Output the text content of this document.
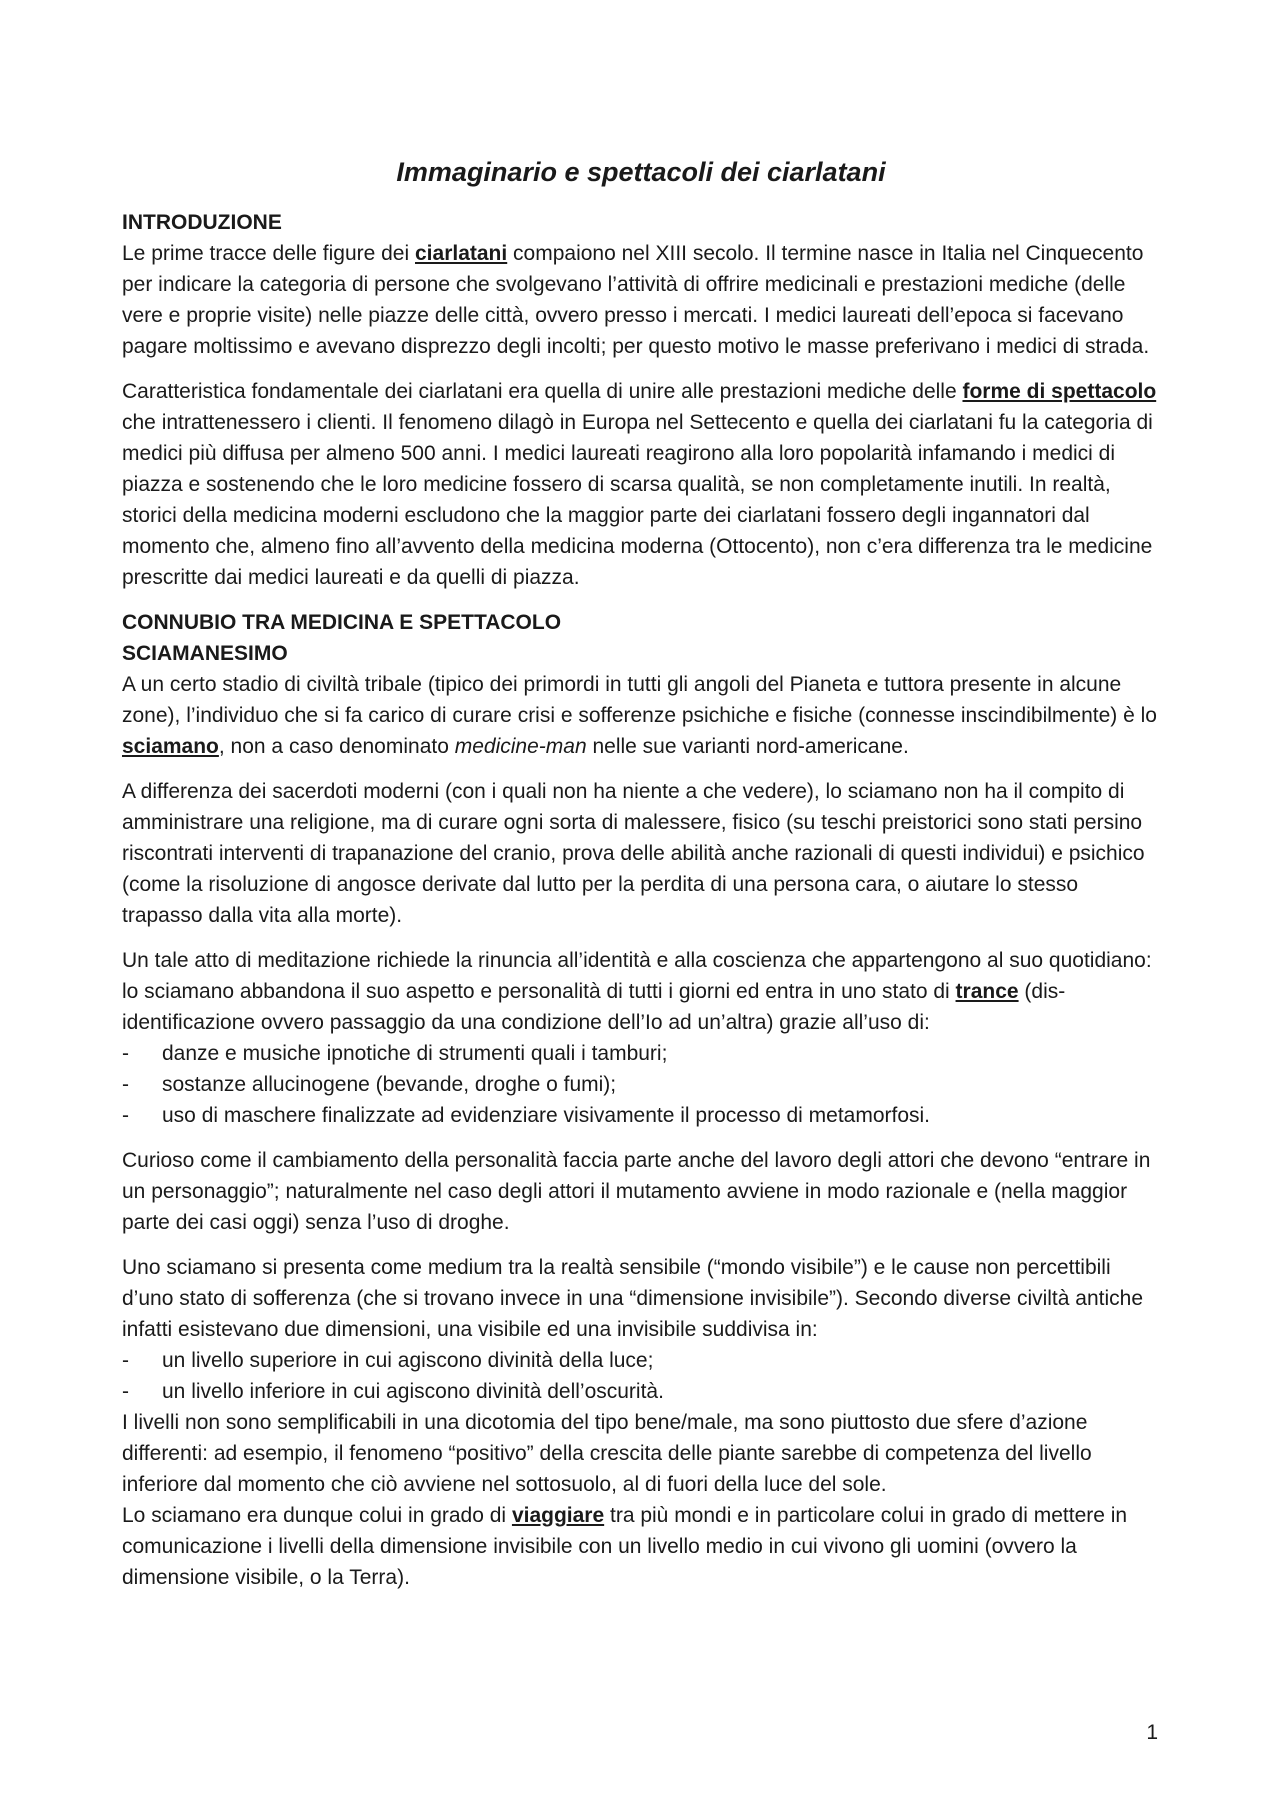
Immaginario e spettacoli dei ciarlatani
INTRODUZIONE

Le prime tracce delle figure dei ciarlatani compaiono nel XIII secolo. Il termine nasce in Italia nel Cinquecento per indicare la categoria di persone che svolgevano l’attività di offrire medicinali e prestazioni mediche (delle vere e proprie visite) nelle piazze delle città, ovvero presso i mercati. I medici laureati dell’epoca si facevano pagare moltissimo e avevano disprezzo degli incolti; per questo motivo le masse preferivano i medici di strada.

Caratteristica fondamentale dei ciarlatani era quella di unire alle prestazioni mediche delle forme di spettacolo che intrattenessero i clienti. Il fenomeno dilagò in Europa nel Settecento e quella dei ciarlatani fu la categoria di medici più diffusa per almeno 500 anni. I medici laureati reagirono alla loro popolarità infamando i medici di piazza e sostenendo che le loro medicine fossero di scarsa qualità, se non completamente inutili. In realtà, storici della medicina moderni escludono che la maggior parte dei ciarlatani fossero degli ingannatori dal momento che, almeno fino all’avvento della medicina moderna (Ottocento), non c’era differenza tra le medicine prescritte dai medici laureati e da quelli di piazza.

CONNUBIO TRA MEDICINA E SPETTACOLO
SCIAMANESIMO

A un certo stadio di civiltà tribale (tipico dei primordi in tutti gli angoli del Pianeta e tuttora presente in alcune zone), l’individuo che si fa carico di curare crisi e sofferenze psichiche e fisiche (connesse inscindibilmente) è lo sciamano, non a caso denominato medicine-man nelle sue varianti nord-americane.

A differenza dei sacerdoti moderni (con i quali non ha niente a che vedere), lo sciamano non ha il compito di amministrare una religione, ma di curare ogni sorta di malessere, fisico (su teschi preistorici sono stati persino riscontrati interventi di trapanazione del cranio, prova delle abilità anche razionali di questi individui) e psichico (come la risoluzione di angosce derivate dal lutto per la perdita di una persona cara, o aiutare lo stesso trapasso dalla vita alla morte).

Un tale atto di meditazione richiede la rinuncia all’identità e alla coscienza che appartengono al suo quotidiano: lo sciamano abbandona il suo aspetto e personalità di tutti i giorni ed entra in uno stato di trance (dis-identificazione ovvero passaggio da una condizione dell’Io ad un’altra) grazie all’uso di:

- danze e musiche ipnotiche di strumenti quali i tamburi;
- sostanze allucinogene (bevande, droghe o fumi);
- uso di maschere finalizzate ad evidenziare visivamente il processo di metamorfosi.

Curioso come il cambiamento della personalità faccia parte anche del lavoro degli attori che devono “entrare in un personaggio”; naturalmente nel caso degli attori il mutamento avviene in modo razionale e (nella maggior parte dei casi oggi) senza l’uso di droghe.

Uno sciamano si presenta come medium tra la realtà sensibile (“mondo visibile”) e le cause non percettibili d’uno stato di sofferenza (che si trovano invece in una “dimensione invisibile”). Secondo diverse civiltà antiche infatti esistevano due dimensioni, una visibile ed una invisibile suddivisa in:

- un livello superiore in cui agiscono divinità della luce;
- un livello inferiore in cui agiscono divinità dell’oscurità.

I livelli non sono semplificabili in una dicotomia del tipo bene/male, ma sono piuttosto due sfere d’azione differenti: ad esempio, il fenomeno “positivo” della crescita delle piante sarebbe di competenza del livello inferiore dal momento che ciò avviene nel sottosuolo, al di fuori della luce del sole.

Lo sciamano era dunque colui in grado di viaggiare tra più mondi e in particolare colui in grado di mettere in comunicazione i livelli della dimensione invisibile con un livello medio in cui vivono gli uomini (ovvero la dimensione visibile, o la Terra).

1
